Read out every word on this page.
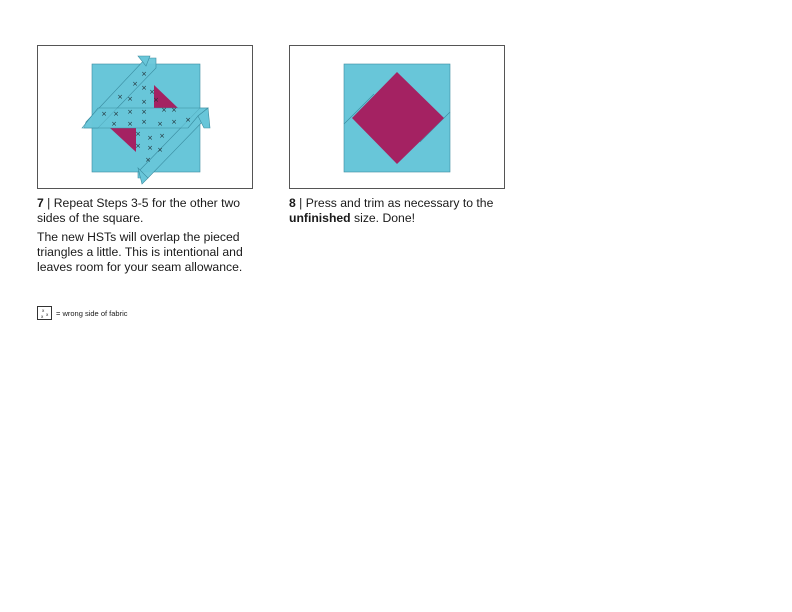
×
× × ×
× × × ×
× × × × × ×
× × × × × ×
× × ×
× × ×
×

7 | Repeat Steps 3-5 for the other two sides of the square.

The new HSTs will overlap the pieced triangles a little. This is intentional and leaves room for your seam allowance.

8 | Press and trim as necessary to the unfinished size. Done!

x
x
x = wrong side of fabric
